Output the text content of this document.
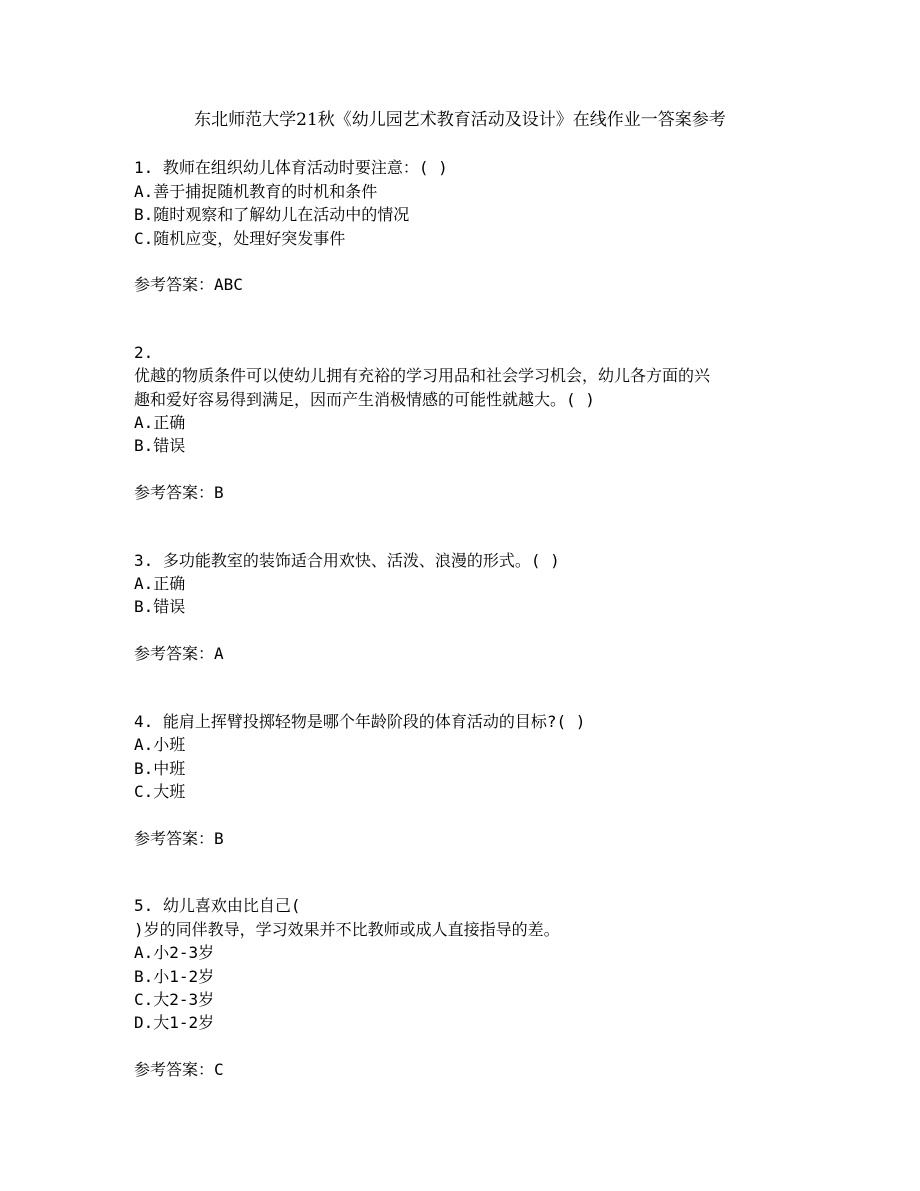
东北师范大学21秋《幼儿园艺术教育活动及设计》在线作业一答案参考
1. 教师在组织幼儿体育活动时要注意：( )
A.善于捕捉随机教育的时机和条件
B.随时观察和了解幼儿在活动中的情况
C.随机应变，处理好突发事件
参考答案：ABC
2.
优越的物质条件可以使幼儿拥有充裕的学习用品和社会学习机会，幼儿各方面的兴
趣和爱好容易得到满足，因而产生消极情感的可能性就越大。( )
A.正确
B.错误
参考答案：B
3. 多功能教室的装饰适合用欢快、活泼、浪漫的形式。( )
A.正确
B.错误
参考答案：A
4. 能肩上挥臂投掷轻物是哪个年龄阶段的体育活动的目标?( )
A.小班
B.中班
C.大班
参考答案：B
5. 幼儿喜欢由比自己(
)岁的同伴教导，学习效果并不比教师或成人直接指导的差。
A.小2-3岁
B.小1-2岁
C.大2-3岁
D.大1-2岁
参考答案：C
